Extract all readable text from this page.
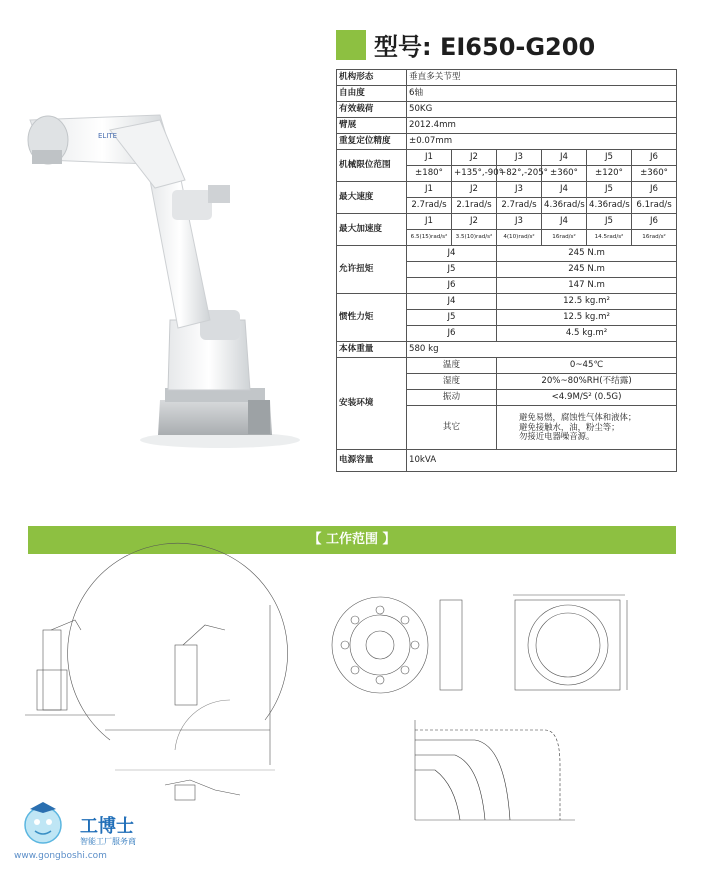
型号: EI650-G200
ELITE
机构形态	垂直多关节型					
自由度	6轴					
有效载荷	50KG					
臂展	2012.4mm					
重复定位精度	±0.07mm					
机械限位范围	J1	J2	J3	J4	J5	J6
	±180°	+135°,-90°	+82°,-205°	±360°	±120°	±360°
最大速度	J1	J2	J3	J4	J5	J6
	2.7rad/s	2.1rad/s	2.7rad/s	4.36rad/s	4.36rad/s	6.1rad/s
最大加速度	J1	J2	J3	J4	J5	J6
	6.5(15)rad/s²	3.5(10)rad/s²	4(10)rad/s²	16rad/s²	14.5rad/s²	16rad/s²
允许扭矩	J4		245 N.m			
	J5		245 N.m			
	J6		147 N.m			
惯性力矩	J4		12.5 kg.m²			
	J5		12.5 kg.m²			
	J6		4.5 kg.m²			
本体重量	580 kg					
安装环境	温度		0~45℃			
	湿度		20%~80%RH(不结露)			
	振动		<4.9M/S² (0.5G)			
	其它		避免易燃，腐蚀性气体和液体；
避免接触水，油，粉尘等；
勿接近电器噪音源。			

电源容量	10kVA					
【 工作范围 】
工博士
智能工厂服务商
www.gongboshi.com
